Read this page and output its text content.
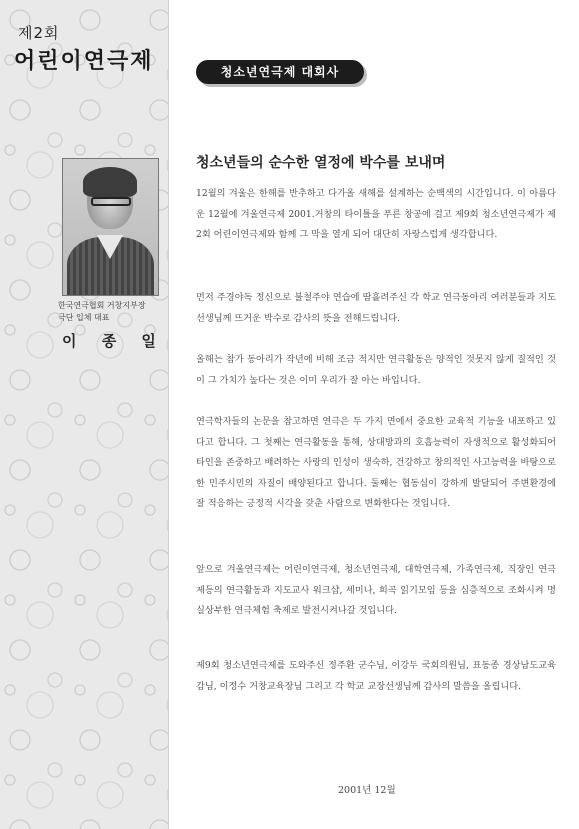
제2회
어린이연극제
한국연극협회 거창지부장
극단 입체 대표
이 종 일
청소년연극제 대회사
청소년들의 순수한 열정에 박수를 보내며

12월의 겨울은 한해를 반추하고 다가올 새해를 설계하는 순백색의 시간입니다. 이 아름다운 12월에 겨울연극제 2001.거창의 타이틀을 푸른 창공에 걸고 제9회 청소년연극제가 제2회 어린이연극제와 함께 그 막을 열게 되어 대단히 자랑스럽게 생각합니다.

먼저 주경야독 정신으로 불철주야 연습에 땀흘려주신 각 학교 연극동아리 여러분들과 지도선생님께 뜨거운 박수로 감사의 뜻을 전해드립니다.

올해는 참가 동아리가 작년에 비해 조금 적지만 연극활동은 양적인 것못지 않게 질적인 것이 그 가치가 높다는 것은 이미 우리가 잘 아는 바입니다.

연극학자들의 논문을 참고하면 연극은 두 가지 면에서 중요한 교육적 기능을 내포하고 있다고 합니다. 그 첫째는 연극활동을 통해, 상대방과의 호흡능력이 자생적으로 활성화되어 타인을 존중하고 배려하는 사랑의 인성이 생숙하, 건강하고 창의적인 사고능력을 바탕으로 한 민주시민의 자질이 배양된다고 합니다. 둘째는 협동심이 강하게 발달되어 주변환경에 잘 적응하는 긍정적 시각을 갖춘 사람으로 변화한다는 것입니다.

앞으로 겨울연극제는 어린이연극제, 청소년연극제, 대학연극제, 가족연극제, 직장인 연극제등의 연극활동과 지도교사 워크샵, 세미나, 희곡 읽기모임 등을 심층적으로 조화시켜 명실상부한 연극체험 축제로 발전시켜나갈 것입니다.

제9회 청소년연극제를 도와주신 정주환 군수님, 이강두 국회의원님, 표동종 경상남도교육감님, 이정수 거창교육장님 그리고 각 학교 교장선생님께 감사의 말씀을 올립니다.

2001년 12월
